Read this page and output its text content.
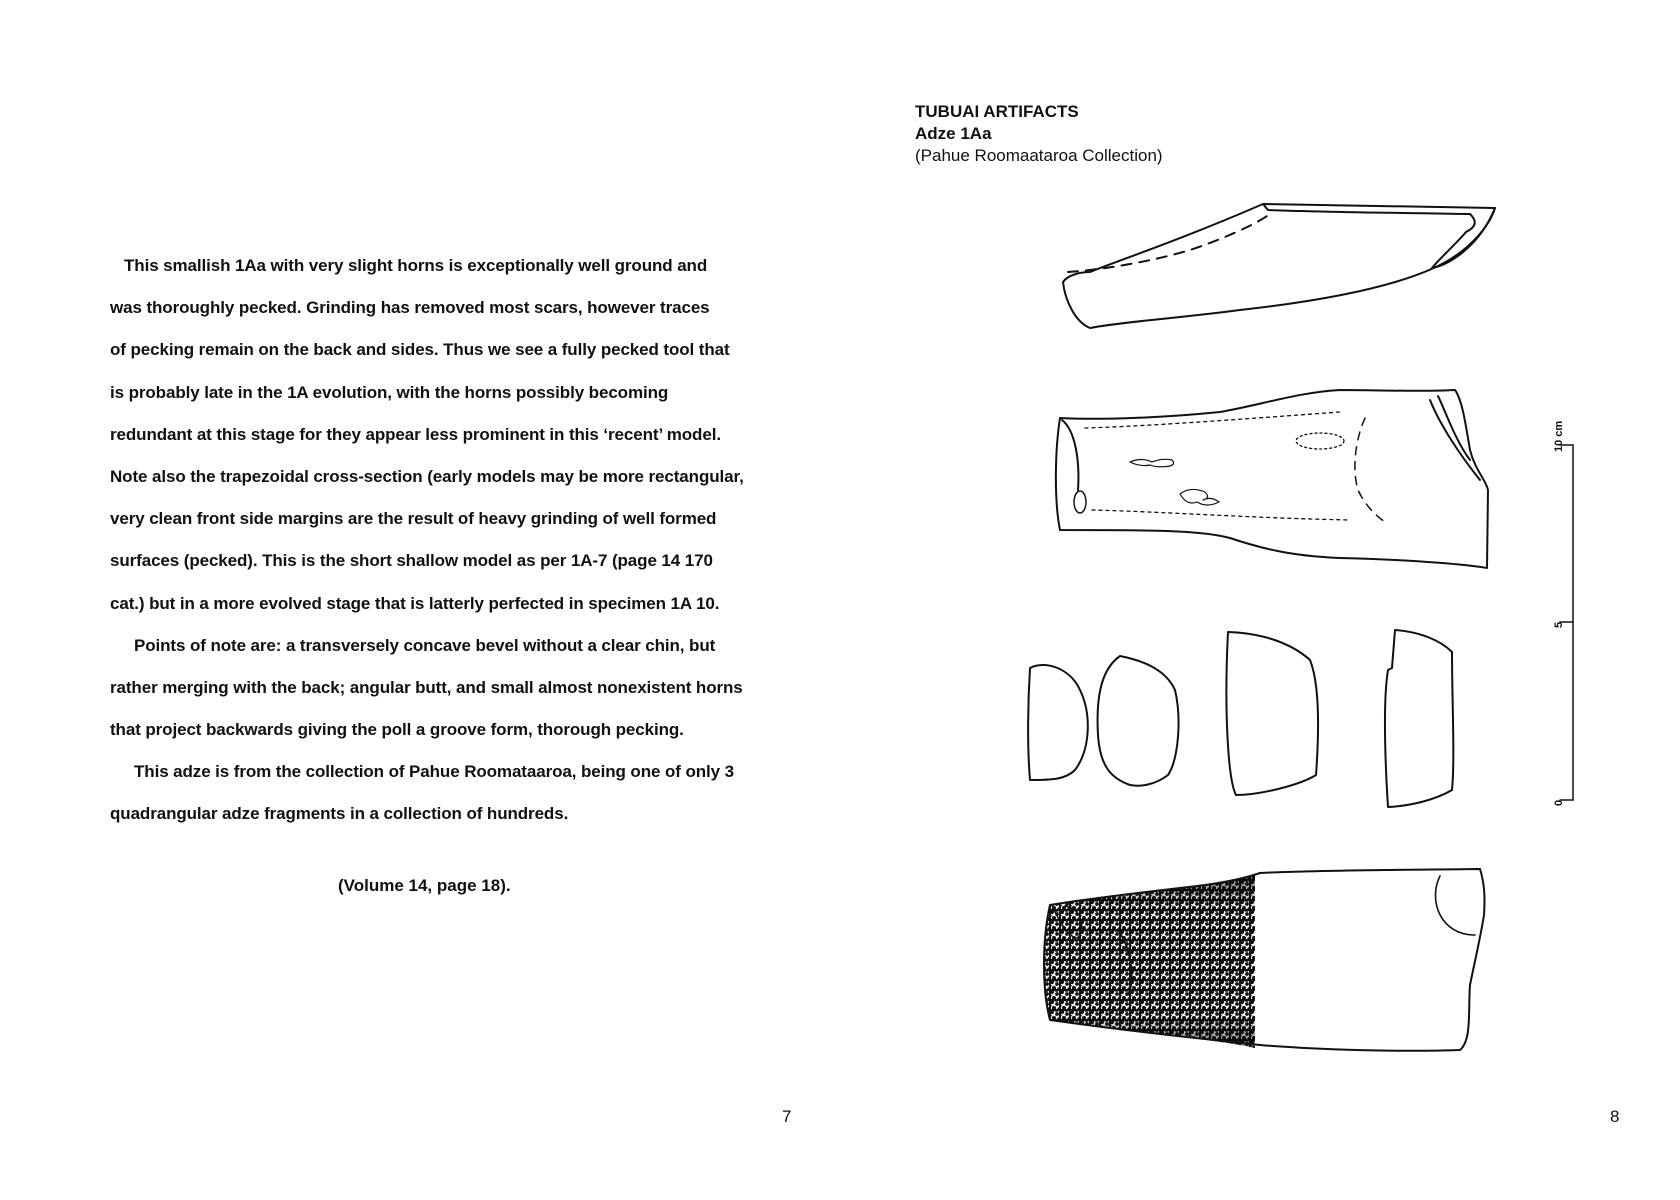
This smallish 1Aa with very slight horns is exceptionally well ground and
was thoroughly pecked. Grinding has removed most scars, however traces
of pecking remain on the back and sides. Thus we see a fully pecked tool that
is probably late in the 1A evolution, with the horns possibly becoming
redundant at this stage for they appear less prominent in this ‘recent’ model.
Note also the trapezoidal cross-section (early models may be more rectangular,
very clean front side margins are the result of heavy grinding of well formed
surfaces (pecked). This is the short shallow model as per 1A-7 (page 14 170
cat.) but in a more evolved stage that is latterly perfected in specimen 1A 10.
Points of note are: a transversely concave bevel without a clear chin, but
rather merging with the back; angular butt, and small almost nonexistent horns
that project backwards giving the poll a groove form, thorough pecking.
This adze is from the collection of Pahue Roomataaroa, being one of only 3
quadrangular adze fragments in a collection of hundreds.
(Volume 14, page 18).
7
TUBUAI ARTIFACTS
Adze 1Aa
(Pahue Roomaataroa Collection)
10 cm
5
0
8
